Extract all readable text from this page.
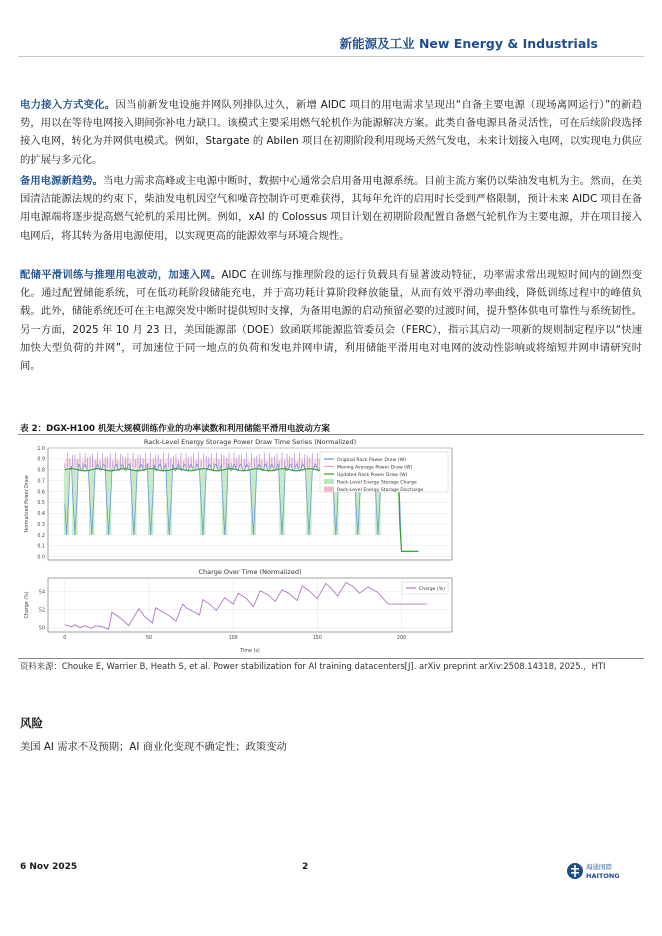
新能源及工业 New Energy & Industrials
电力接入方式变化。因当前新发电设施并网队列排队过久，新增 AIDC 项目的用电需求呈现出“自备主要电源（现场离网运行）”的新趋势，用以在等待电网接入期间弥补电力缺口。该模式主要采用燃气轮机作为能源解决方案。此类自备电源具备灵活性，可在后续阶段选择接入电网，转化为并网供电模式。例如，Stargate 的 Abilen 项目在初期阶段利用现场天然气发电，未来计划接入电网，以实现电力供应的扩展与多元化。
备用电源新趋势。当电力需求高峰或主电源中断时，数据中心通常会启用备用电源系统。目前主流方案仍以柴油发电机为主。然而，在美国清洁能源法规的约束下，柴油发电机因空气和噪音控制许可更难获得，其每年允许的启用时长受到严格限制，预计未来 AIDC 项目在备用电源端将逐步提高燃气轮机的采用比例。例如，xAI 的 Colossus 项目计划在初期阶段配置自备燃气轮机作为主要电源，并在项目接入电网后，将其转为备用电源使用，以实现更高的能源效率与环境合规性。
配储平滑训练与推理用电波动，加速入网。AIDC 在训练与推理阶段的运行负载具有显著波动特征，功率需求常出现短时间内的剧烈变化。通过配置储能系统，可在低功耗阶段储能充电，并于高功耗计算阶段释放能量，从而有效平滑功率曲线，降低训练过程中的峰值负载。此外，储能系统还可在主电源突发中断时提供短时支撑，为备用电源的启动预留必要的过渡时间，提升整体供电可靠性与系统韧性。另一方面，2025 年 10 月 23 日，美国能源部（DOE）致函联邦能源监管委员会（FERC），指示其启动一项新的规则制定程序以“快速加快大型负荷的并网”，可加速位于同一地点的负荷和发电并网申请，利用储能平滑用电对电网的波动性影响或将缩短并网申请研究时间。
表 2：DGX-H100 机架大规模训练作业的功率读数和利用储能平滑用电波动方案
Rack-Level Energy Storage Power Draw Time Series (Normalized)
0.0
0.1
0.2
0.3
0.4
0.5
0.6
0.7
0.8
0.9
1.0
Normalized Power Draw
Original Rack Power Draw (W)
Moving Average Power Draw (W)
Updated Rack Power Draw (W)
Rack-Level Energy Storage Charge
Rack-Level Energy Storage Discharge
Charge Over Time (Normalized)
50
52
54
0	50	100	150	200
Charge (%)
Time (s)
Charge (%)
资料来源：Chouke E, Warrier B, Heath S, et al. Power stabilization for AI training datacenters[J]. arXiv preprint arXiv:2508.14318, 2025.，HTI
风险
美国 AI 需求不及预期；AI 商业化变现不确定性；政策变动
6 Nov 2025	2	海通国際
HAITONG
